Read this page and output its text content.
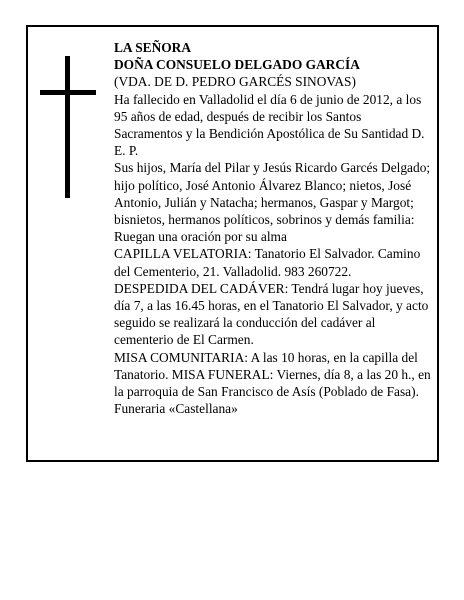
LA SEÑORA

DOÑA CONSUELO DELGADO GARCÍA

(VDA. DE D. PEDRO GARCÉS SINOVAS)

Ha fallecido en Valladolid el día 6 de junio de 2012, a los 95 años de edad, después de recibir los Santos Sacramentos y la Bendición Apostólica de Su Santidad D. E. P.

Sus hijos, María del Pilar y Jesús Ricardo Garcés Delgado; hijo político, José Antonio Álvarez Blanco; nietos, José Antonio, Julián y Natacha; hermanos, Gaspar y Margot; bisnietos, hermanos políticos, sobrinos y demás familia:

Ruegan una oración por su alma

CAPILLA VELATORIA: Tanatorio El Salvador. Camino del Cementerio, 21. Valladolid. 983 260722.

DESPEDIDA DEL CADÁVER: Tendrá lugar hoy jueves, día 7, a las 16.45 horas, en el Tanatorio El Salvador, y acto seguido se realizará la conducción del cadáver al cementerio de El Carmen.

MISA COMUNITARIA: A las 10 horas, en la capilla del Tanatorio. MISA FUNERAL: Viernes, día 8, a las 20 h., en la parroquia de San Francisco de Asís (Poblado de Fasa).

Funeraria «Castellana»
